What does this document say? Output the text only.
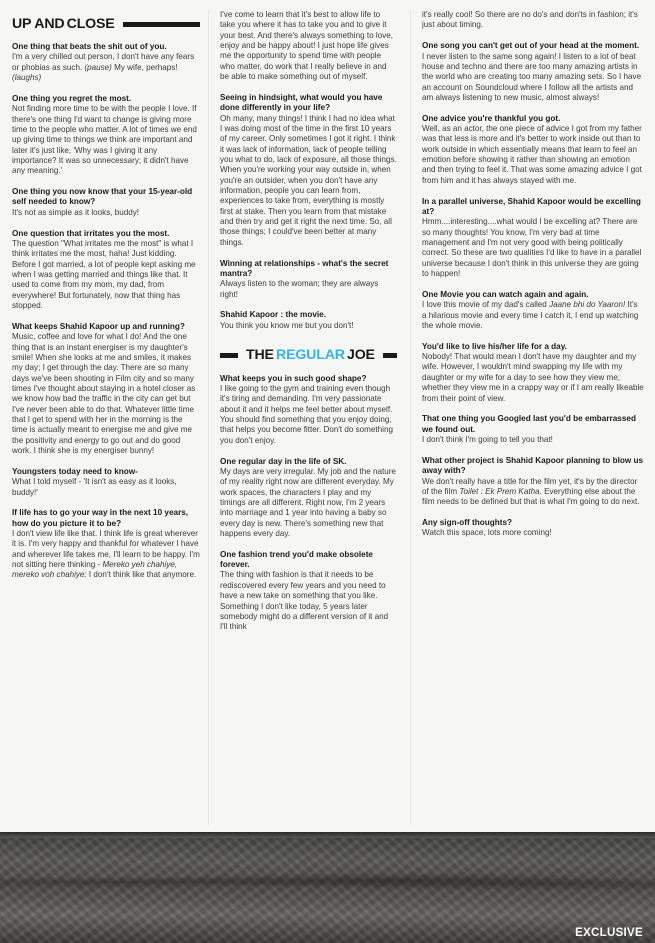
UP AND
CLOSE
One thing that beats the shit out of you.
I'm a very chilled out person, I don't have any fears or phobias as such. (pause) My wife, perhaps! (laughs)
One thing you regret the most.
Not finding more time to be with the people I love. If there's one thing I'd want to change is giving more time to the people who matter. A lot of times we end up giving time to things we think are important and later it's just like, 'Why was I giving it any importance? It was so unnecessary; it didn't have any meaning.'
One thing you now know that your 15-year-old self needed to know?
It's not as simple as it looks, buddy!
One question that irritates you the most.
The question "What irritates me the most" is what I think irritates me the most, haha! Just kidding. Before I got married, a lot of people kept asking me when I was getting married and things like that. It used to come from my mom, my dad, from everywhere! But fortunately, now that thing has stopped.
What keeps Shahid Kapoor up and running?
Music, coffee and love for what I do! And the one thing that is an instant energiser is my daughter's smile! When she looks at me and smiles, it makes my day; I get through the day. There are so many days we've been shooting in Film city and so many times I've thought about staying in a hotel closer as we know how bad the traffic in the city can get but I've never been able to do that. Whatever little time that I get to spend with her in the morning is the time is actually meant to energise me and give me the positivity and energy to go out and do good work. I think she is my energiser bunny!
Youngsters today need to know-
What I told myself - 'It isn't as easy as it looks, buddy!'
If life has to go your way in the next 10 years, how do you picture it to be?
I don't view life like that. I think life is great wherever it is. I'm very happy and thankful for whatever I have and wherever life takes me, I'll learn to be happy. I'm not sitting here thinking - Mereko yeh chahiye, mereko voh chahiye; I don't think like that anymore.
I've come to learn that it's best to allow life to take you where it has to take you and to give it your best. And there's always something to love, enjoy and be happy about! I just hope life gives me the opportunity to spend time with people who matter, do work that I really believe in and be able to make something out of myself.
Seeing in hindsight, what would you have done differently in your life?
Oh many, many things! I think I had no idea what I was doing most of the time in the first 10 years of my career. Only sometimes I got it right. I think it was lack of information, lack of people telling you what to do, lack of exposure, all those things. When you're working your way outside in, when you're an outsider, when you don't have any information, people you can learn from, experiences to take from, everything is mostly first at stake. Then you learn from that mistake and then try and get it right the next time. So, all those things; I could've been better at many things.
Winning at relationships - what's the secret mantra?
Always listen to the woman; they are always right!
Shahid Kapoor : the movie.
You think you know me but you don't!
THE
REGULAR
JOE
What keeps you in such good shape?
I like going to the gym and training even though it's tiring and demanding. I'm very passionate about it and it helps me feel better about myself. You should find something that you enjoy doing, that helps you become fitter. Don't do something you don't enjoy.
One regular day in the life of SK.
My days are very irregular. My job and the nature of my reality right now are different everyday. My work spaces, the characters I play and my timings are all different. Right now, I'm 2 years into marriage and 1 year into having a baby so every day is new. There's something new that happens every day.
One fashion trend you'd make obsolete forever.
The thing with fashion is that it needs to be rediscovered every few years and you need to have a new take on something that you like. Something I don't like today, 5 years later somebody might do a different version of it and I'll think
it's really cool! So there are no do's and don'ts in fashion; it's just about timing.
One song you can't get out of your head at the moment.
I never listen to the same song again! I listen to a lot of beat house and techno and there are too many amazing artists in the world who are creating too many amazing sets. So I have an account on Soundcloud where I follow all the artists and am always listening to new music, almost always!
One advice you're thankful you got.
Well, as an actor, the one piece of advice I got from my father was that less is more and it's better to work inside out than to work outside in which essentially means that learn to feel an emotion before showing it rather than showing an emotion and then trying to feel it. That was some amazing advice I got from him and it has always stayed with me.
In a parallel universe, Shahid Kapoor would be excelling at?
Hmm....interesting....what would I be excelling at? There are so many thoughts! You know, I'm very bad at time management and I'm not very good with being politically correct. So these are two qualities I'd like to have in a parallel universe because I don't think in this universe they are going to happen!
One Movie you can watch again and again.
I love this movie of my dad's called Jaane bhi do Yaaron! It's a hilarious movie and every time I catch it, I end up watching the whole movie.
You'd like to live his/her life for a day.
Nobody! That would mean I don't have my daughter and my wife. However, I wouldn't mind swapping my life with my daughter or my wife for a day to see how they view me; whether they view me in a crappy way or if I am really likeable from their point of view.
That one thing you Googled last you'd be embarrassed we found out.
I don't think I'm going to tell you that!
What other project is Shahid Kapoor planning to blow us away with?
We don't really have a title for the film yet, it's by the director of the film Toilet : Ek Prem Katha. Everything else about the film needs to be defined but that is what I'm going to do next.
Any sign-off thoughts?
Watch this space, lots more coming!
EXCLUSIVE
